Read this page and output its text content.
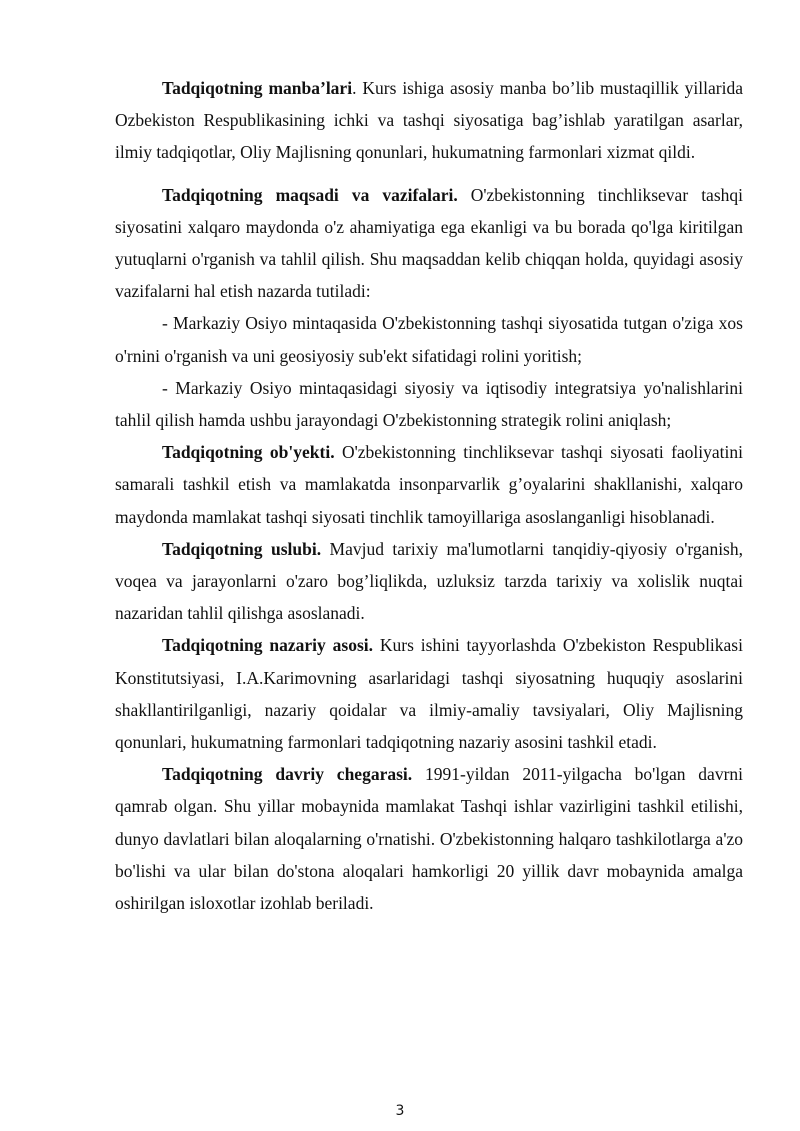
Tadqiqotning manba’lari. Kurs ishiga asosiy manba bo’lib mustaqillik yillarida Ozbekiston Respublikasining ichki va tashqi siyosatiga bag’ishlab yaratilgan asarlar, ilmiy tadqiqotlar, Oliy Majlisning qonunlari, hukumatning farmonlari xizmat qildi.

Tadqiqotning maqsadi va vazifalari. O'zbekistonning tinchliksevar tashqi siyosatini xalqaro maydonda o'z ahamiyatiga ega ekanligi va bu borada qo'lga kiritilgan yutuqlarni o'rganish va tahlil qilish. Shu maqsaddan kelib chiqqan holda, quyidagi asosiy vazifalarni hal etish nazarda tutiladi:

- Markaziy Osiyo mintaqasida O'zbekistonning tashqi siyosatida tutgan o'ziga xos o'rnini o'rganish va uni geosiyosiy sub'ekt sifatidagi rolini yoritish;

- Markaziy Osiyo mintaqasidagi siyosiy va iqtisodiy integratsiya yo'nalishlarini tahlil qilish hamda ushbu jarayondagi O'zbekistonning strategik rolini aniqlash;

Tadqiqotning ob'yekti. O'zbekistonning tinchliksevar tashqi siyosati faoliyatini samarali tashkil etish va mamlakatda insonparvarlik g’oyalarini shakllanishi, xalqaro maydonda mamlakat tashqi siyosati tinchlik tamoyillariga asoslanganligi hisoblanadi.

Tadqiqotning uslubi. Mavjud tarixiy ma'lumotlarni tanqidiy-qiyosiy o'rganish, voqea va jarayonlarni o'zaro bog’liqlikda, uzluksiz tarzda tarixiy va xolislik nuqtai nazaridan tahlil qilishga asoslanadi.

Tadqiqotning nazariy asosi. Kurs ishini tayyorlashda O'zbekiston Respublikasi Konstitutsiyasi, I.A.Karimovning asarlaridagi tashqi siyosatning huquqiy asoslarini shakllantirilganligi, nazariy qoidalar va ilmiy-amaliy tavsiyalari, Oliy Majlisning qonunlari, hukumatning farmonlari tadqiqotning nazariy asosini tashkil etadi.

Tadqiqotning davriy chegarasi. 1991-yildan 2011-yilgacha bo'lgan davrni qamrab olgan. Shu yillar mobaynida mamlakat Tashqi ishlar vazirligini tashkil etilishi, dunyo davlatlari bilan aloqalarning o'rnatishi. O'zbekistonning halqaro tashkilotlarga a'zo bo'lishi va ular bilan do'stona aloqalari hamkorligi 20 yillik davr mobaynida amalga oshirilgan isloxotlar izohlab beriladi.

3
